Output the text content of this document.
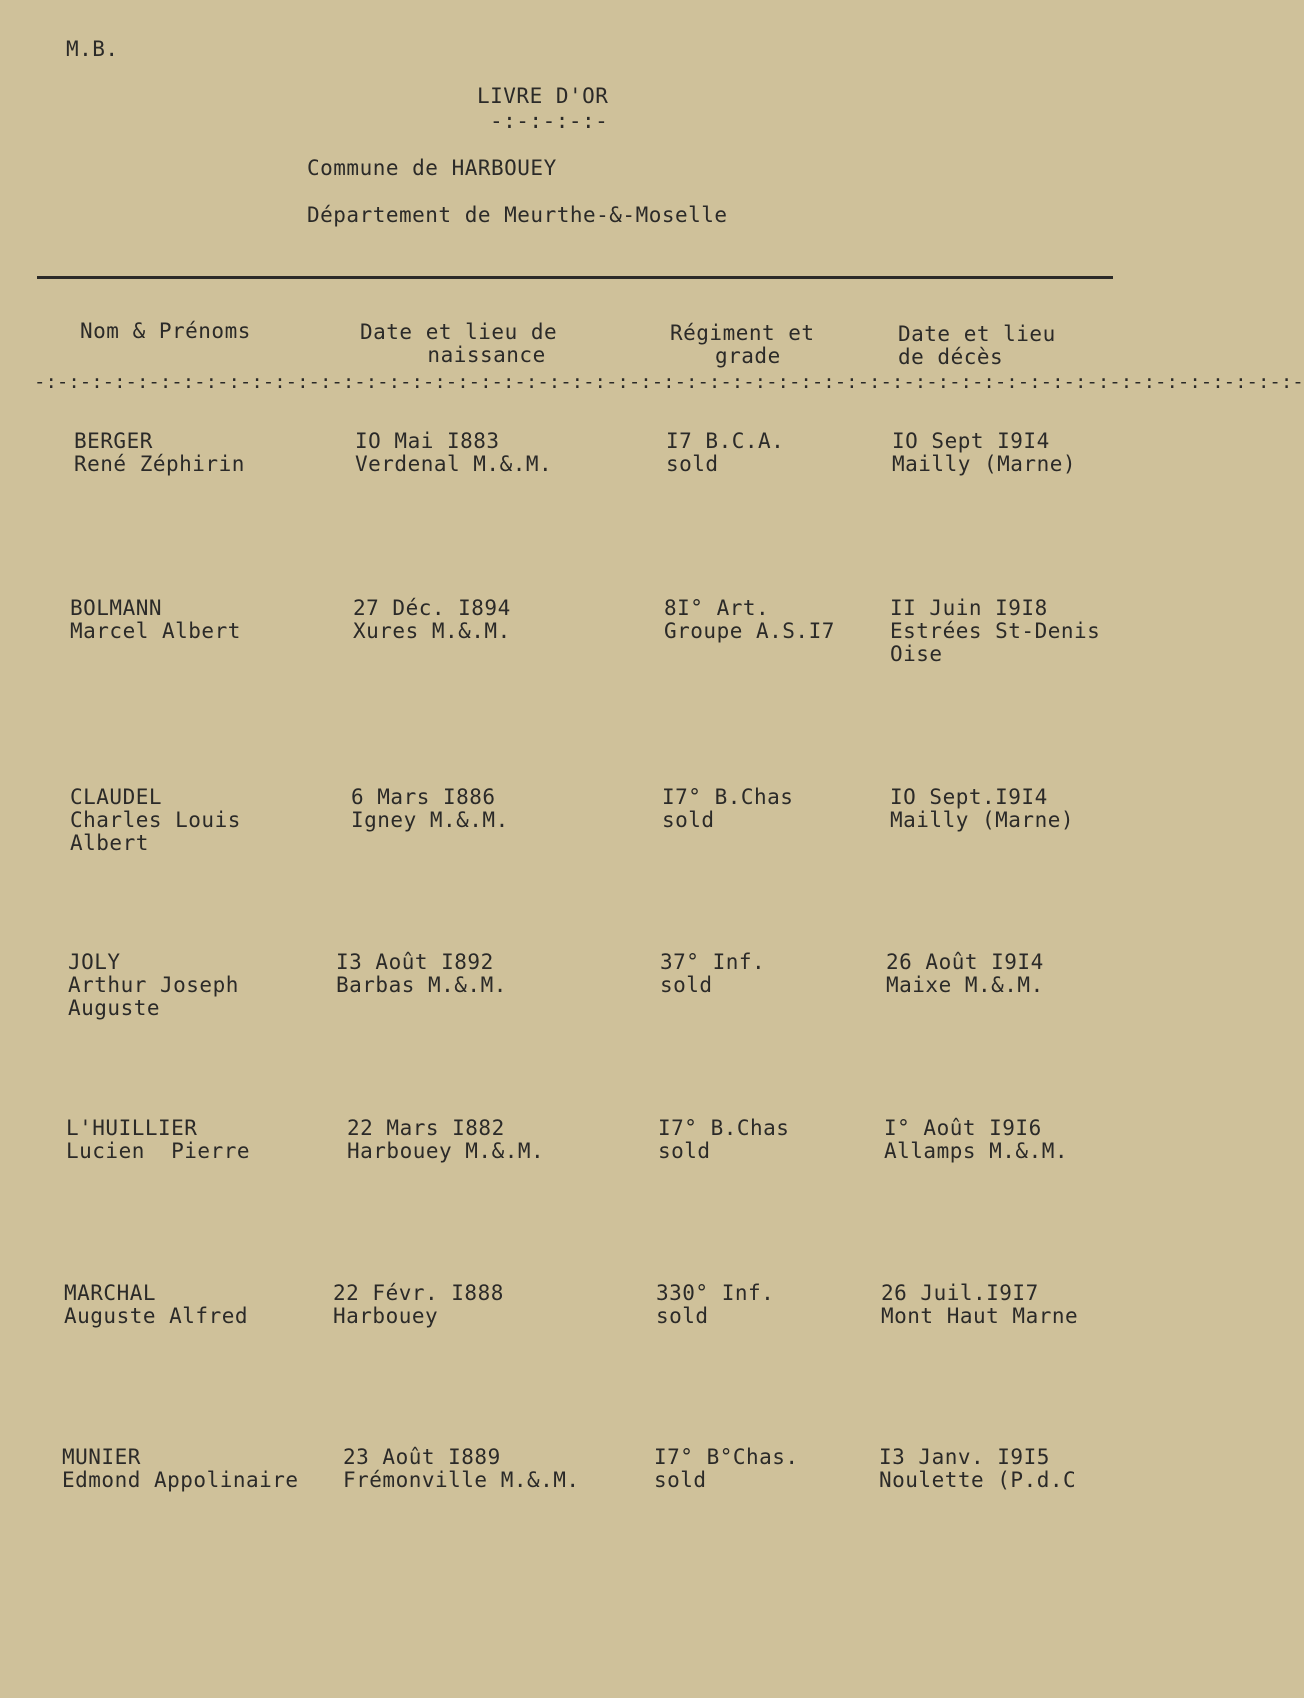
M.B.
LIVRE D'OR
-:-:-:-:-
Commune de HARBOUEY
Département de Meurthe-&-Moselle
Nom & Prénoms	Date et lieu de
naissance
Régiment et
grade
Date et lieu
de décès
-:-:-:-:-:-:-:-:-:-:-:-:-:-:-:-:-:-:-:-:-:-:-:-:-:-:-:-:-:-:-:-:-:-:-:-:-:-:-:-:-:-:-:-:-:-:-:-:-:-:-:-:-:-:-:-
BERGER
René Zéphirin
IO Mai I883
Verdenal M.&.M.
I7 B.C.A.
sold
IO Sept I9I4
Mailly (Marne)
BOLMANN
Marcel Albert
27 Déc. I894
Xures M.&.M.
8I° Art.
Groupe A.S.I7
II Juin I9I8
Estrées St-Denis
Oise
CLAUDEL
Charles Louis
Albert
6 Mars I886
Igney M.&.M.
I7° B.Chas
sold
IO Sept.I9I4
Mailly (Marne)
JOLY
Arthur Joseph
Auguste
I3 Août I892
Barbas M.&.M.
37° Inf.
sold
26 Août I9I4
Maixe M.&.M.
L'HUILLIER
Lucien  Pierre
22 Mars I882
Harbouey M.&.M.
I7° B.Chas
sold
I° Août I9I6
Allamps M.&.M.
MARCHAL
Auguste Alfred
22 Févr. I888
Harbouey
330° Inf.
sold
26 Juil.I9I7
Mont Haut Marne
MUNIER
Edmond Appolinaire
23 Août I889
Frémonville M.&.M.
I7° B°Chas.
sold
I3 Janv. I9I5
Noulette (P.d.C
